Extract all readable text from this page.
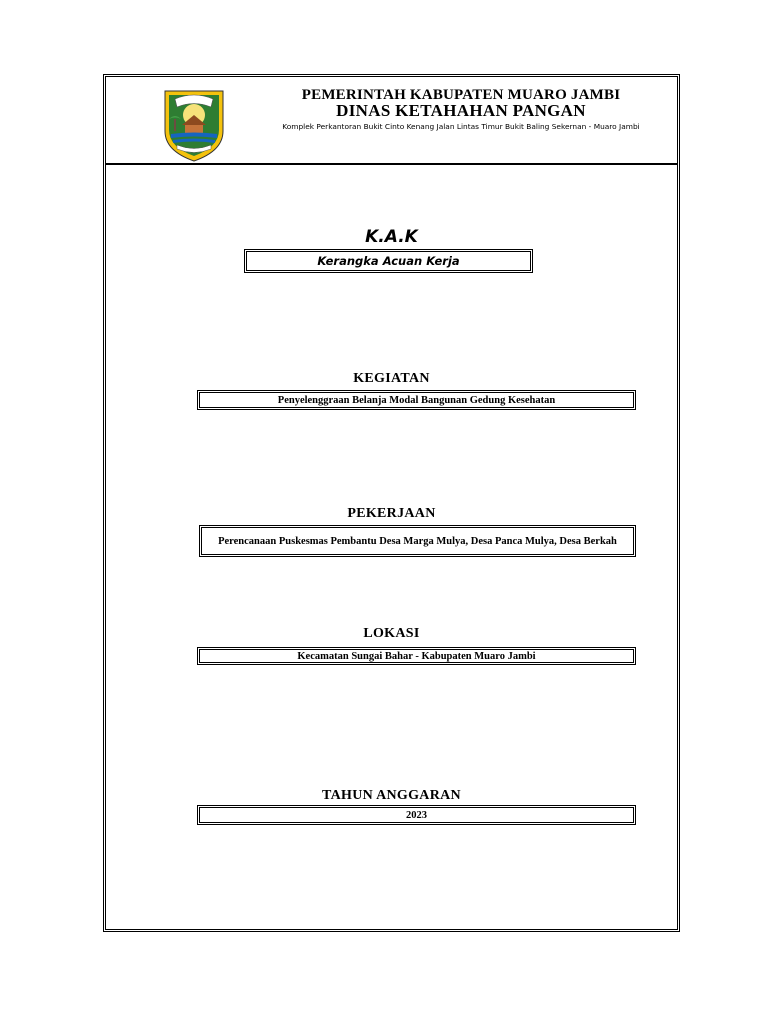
PEMERINTAH KABUPATEN MUARO JAMBI
DINAS KETAHAHAN PANGAN
Komplek Perkantoran Bukit Cinto Kenang Jalan Lintas Timur Bukit Baling Sekernan - Muaro Jambi
K.A.K
Kerangka Acuan Kerja
KEGIATAN
Penyelenggraan Belanja Modal Bangunan Gedung Kesehatan
PEKERJAAN
Perencanaan Puskesmas Pembantu Desa Marga Mulya, Desa Panca Mulya, Desa Berkah
LOKASI
Kecamatan Sungai Bahar - Kabupaten Muaro Jambi
TAHUN ANGGARAN
2023
